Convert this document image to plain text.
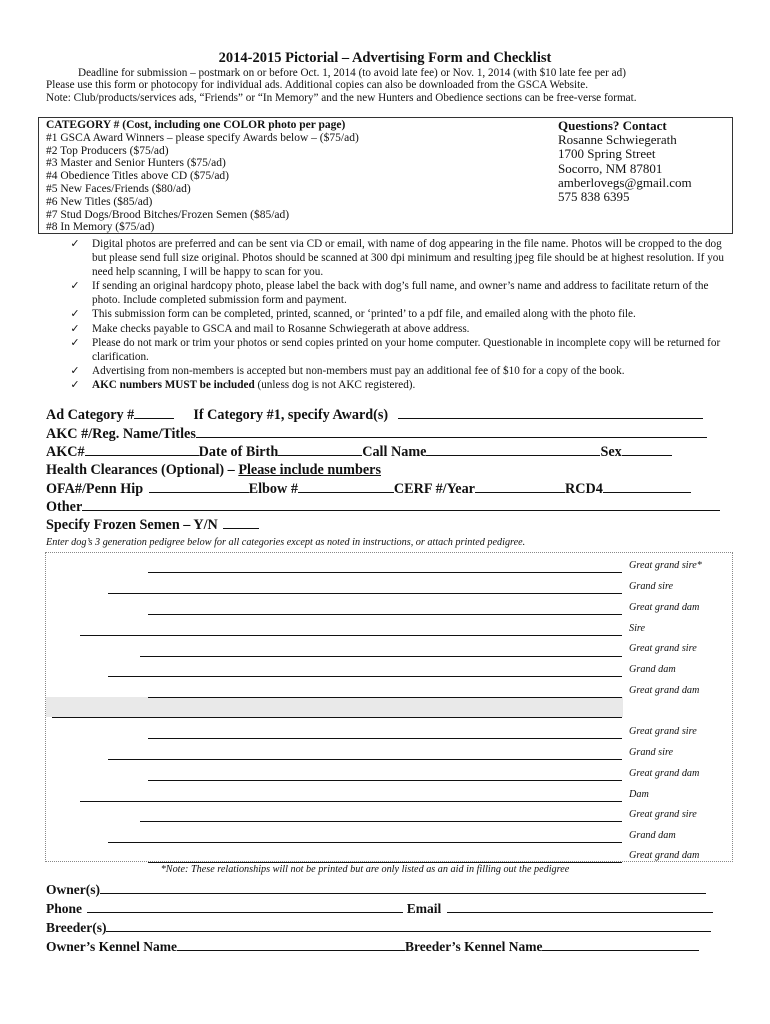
2014-2015 Pictorial – Advertising Form and Checklist
Deadline for submission – postmark on or before Oct. 1, 2014 (to avoid late fee) or Nov. 1, 2014 (with $10 late fee per ad)
Please use this form or photocopy for individual ads. Additional copies can also be downloaded from the GSCA Website.
Note: Club/products/services ads, “Friends” or “In Memory” and the new Hunters and Obedience sections can be free-verse format.
CATEGORY # (Cost, including one COLOR photo per page)
#1 GSCA Award Winners – please specify Awards below – ($75/ad)
#2 Top Producers ($75/ad)
#3 Master and Senior Hunters ($75/ad)
#4 Obedience Titles above CD ($75/ad)
#5 New Faces/Friends ($80/ad)
#6 New Titles ($85/ad)
#7 Stud Dogs/Brood Bitches/Frozen Semen ($85/ad)
#8 In Memory ($75/ad)
Questions? Contact
Rosanne Schwiegerath
1700 Spring Street
Socorro, NM 87801
amberlovegs@gmail.com
575 838 6395
✓ Digital photos are preferred and can be sent via CD or email, with name of dog appearing in the file name. Photos will be cropped to the dog but please send full size original. Photos should be scanned at 300 dpi minimum and resulting jpeg file should be at highest resolution. If you need help scanning, I will be happy to scan for you.
✓ If sending an original hardcopy photo, please label the back with dog’s full name, and owner’s name and address to facilitate return of the photo. Include completed submission form and payment.
✓ This submission form can be completed, printed, scanned, or ‘printed’ to a pdf file, and emailed along with the photo file.
✓ Make checks payable to GSCA and mail to Rosanne Schwiegerath at above address.
✓ Please do not mark or trim your photos or send copies printed on your home computer. Questionable in incomplete copy will be returned for clarification.
✓ Advertising from non-members is accepted but non-members must pay an additional fee of $10 for a copy of the book.
✓ AKC numbers MUST be included (unless dog is not AKC registered).
Ad Category #	If Category #1, specify Award(s)
AKC #/Reg. Name/Titles
AKC#	Date of Birth	Call Name	Sex
Health Clearances (Optional) – Please include numbers
OFA#/Penn Hip	Elbow #	CERF #/Year	RCD4
Other
Specify Frozen Semen – Y/N
Enter dog’s 3 generation pedigree below for all categories except as noted in instructions, or attach printed pedigree.
Great grand sire*
Grand sire
Great grand dam
Sire
Great grand sire
Grand dam
Great grand dam
Great grand sire
Grand sire
Great grand dam
Dam
Great grand sire
Grand dam
Great grand dam
*Note: These relationships will not be printed but are only listed as an aid in filling out the pedigree
Owner(s)
Phone	Email
Breeder(s)
Owner’s Kennel Name	Breeder’s Kennel Name
